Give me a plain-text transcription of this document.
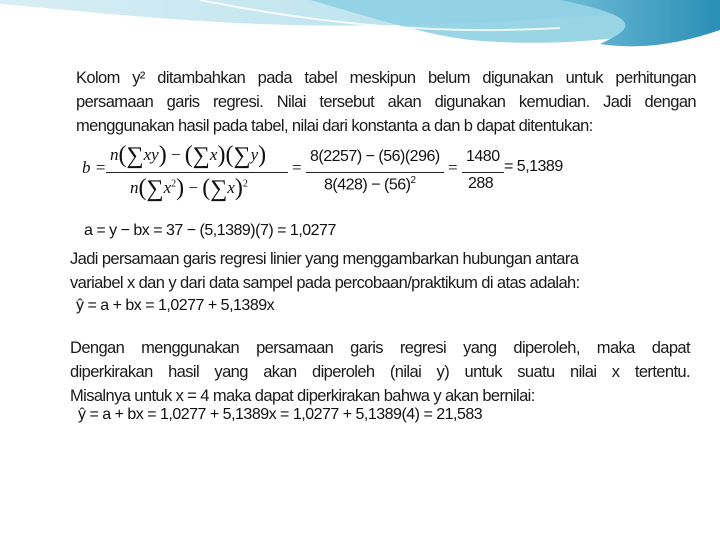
Kolom y² ditambahkan pada tabel meskipun belum digunakan untuk perhitungan
persamaan garis regresi. Nilai tersebut akan digunakan kemudian. Jadi dengan
menggunakan hasil pada tabel, nilai dari konstanta a dan b dapat ditentukan:
b =
n(∑xy) − (∑x)(∑y)
$n(\sum x^2) - (\sum x)^2$
=
8(2257) − (56)(296)
$8(428) - (56)^2$
=
1480
288
= 5,1389
a = y − bx = 37 − (5,1389)(7) = 1,0277
Jadi persamaan garis regresi linier yang menggambarkan hubungan antara
variabel x dan y dari data sampel pada percobaan/praktikum di atas adalah:
ŷ = a + bx = 1,0277 + 5,1389x
Dengan menggunakan persamaan garis regresi yang diperoleh, maka dapat
diperkirakan hasil yang akan diperoleh (nilai y) untuk suatu nilai x tertentu.
Misalnya untuk x = 4 maka dapat diperkirakan bahwa y akan bernilai:
ŷ = a + bx = 1,0277 + 5,1389x = 1,0277 + 5,1389(4) = 21,583
